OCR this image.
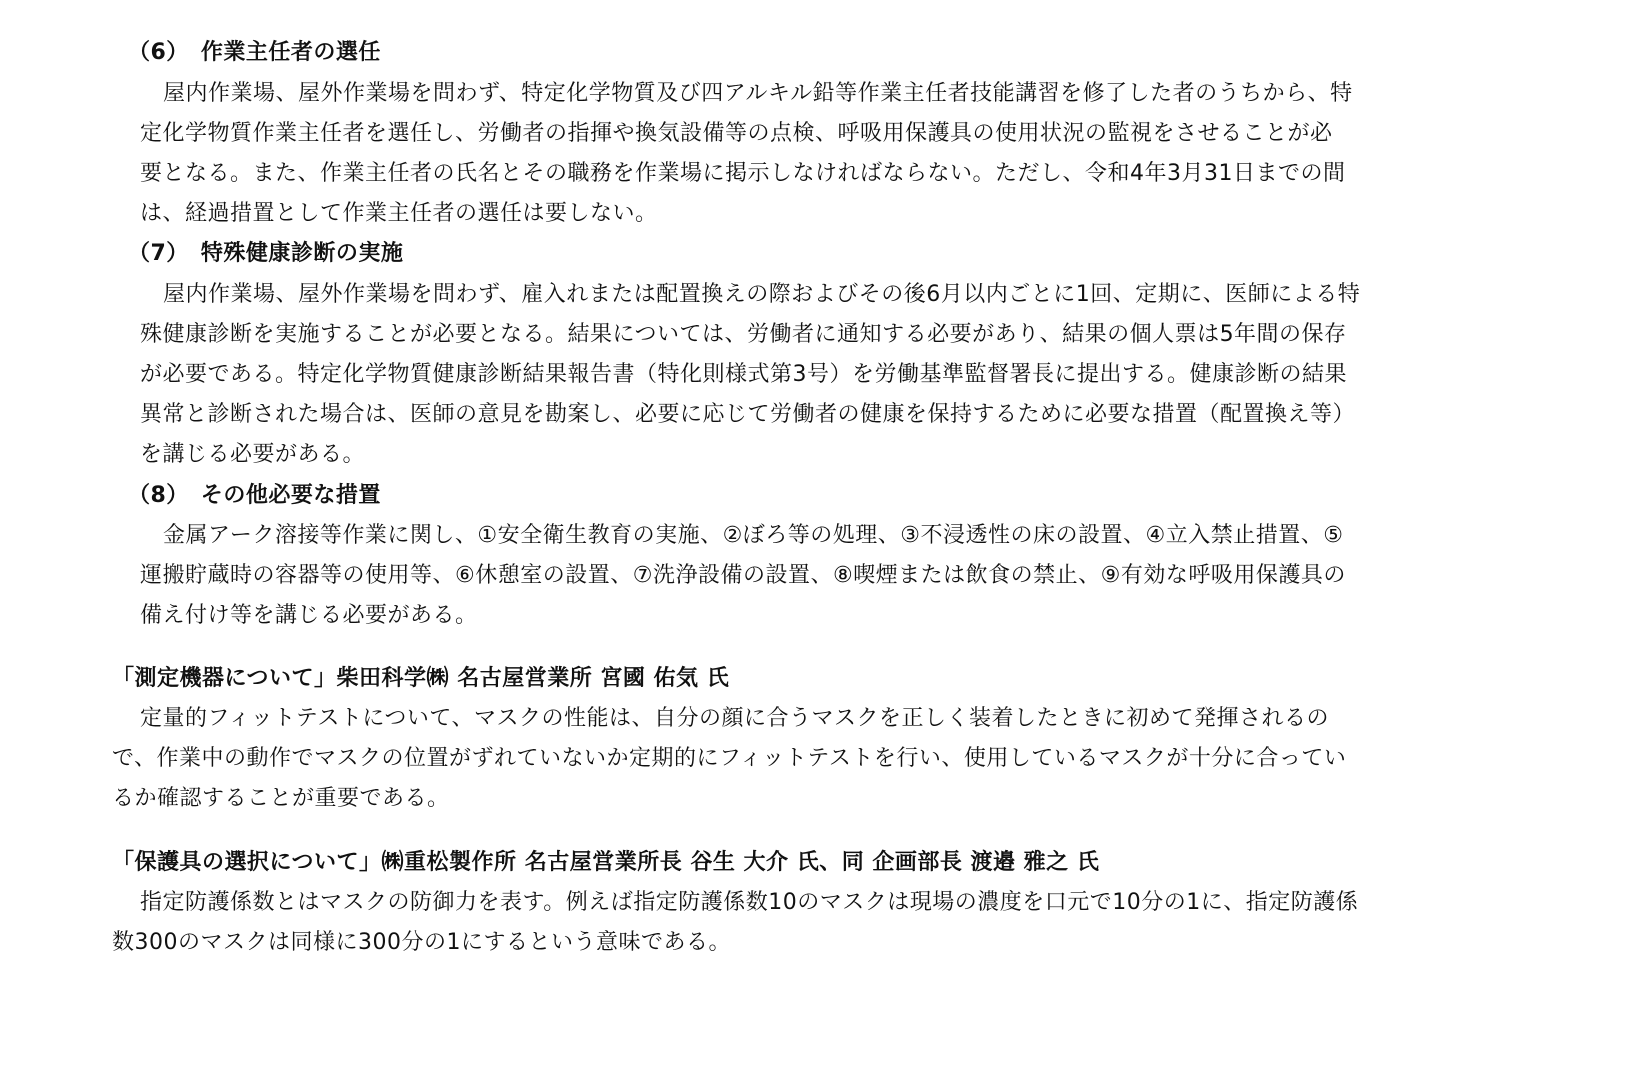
（6） 作業主任者の選任
屋内作業場、屋外作業場を問わず、特定化学物質及び四アルキル鉛等作業主任者技能講習を修了した者のうちから、特
定化学物質作業主任者を選任し、労働者の指揮や換気設備等の点検、呼吸用保護具の使用状況の監視をさせることが必
要となる。また、作業主任者の氏名とその職務を作業場に掲示しなければならない。ただし、令和4年3月31日までの間
は、経過措置として作業主任者の選任は要しない。
（7） 特殊健康診断の実施
屋内作業場、屋外作業場を問わず、雇入れまたは配置換えの際およびその後6月以内ごとに1回、定期に、医師による特
殊健康診断を実施することが必要となる。結果については、労働者に通知する必要があり、結果の個人票は5年間の保存
が必要である。特定化学物質健康診断結果報告書（特化則様式第3号）を労働基準監督署長に提出する。健康診断の結果
異常と診断された場合は、医師の意見を勘案し、必要に応じて労働者の健康を保持するために必要な措置（配置換え等）
を講じる必要がある。
（8） その他必要な措置
金属アーク溶接等作業に関し、①安全衛生教育の実施、②ぼろ等の処理、③不浸透性の床の設置、④立入禁止措置、⑤
運搬貯蔵時の容器等の使用等、⑥休憩室の設置、⑦洗浄設備の設置、⑧喫煙または飲食の禁止、⑨有効な呼吸用保護具の
備え付け等を講じる必要がある。
「測定機器について」柴田科学㈱ 名古屋営業所 宮國 佑気 氏
定量的フィットテストについて、マスクの性能は、自分の顔に合うマスクを正しく装着したときに初めて発揮されるの
で、作業中の動作でマスクの位置がずれていないか定期的にフィットテストを行い、使用しているマスクが十分に合ってい
るか確認することが重要である。
「保護具の選択について」㈱重松製作所 名古屋営業所長 谷生 大介 氏、同 企画部長 渡邉 雅之 氏
指定防護係数とはマスクの防御力を表す。例えば指定防護係数10のマスクは現場の濃度を口元で10分の1に、指定防護係
数300のマスクは同様に300分の1にするという意味である。
